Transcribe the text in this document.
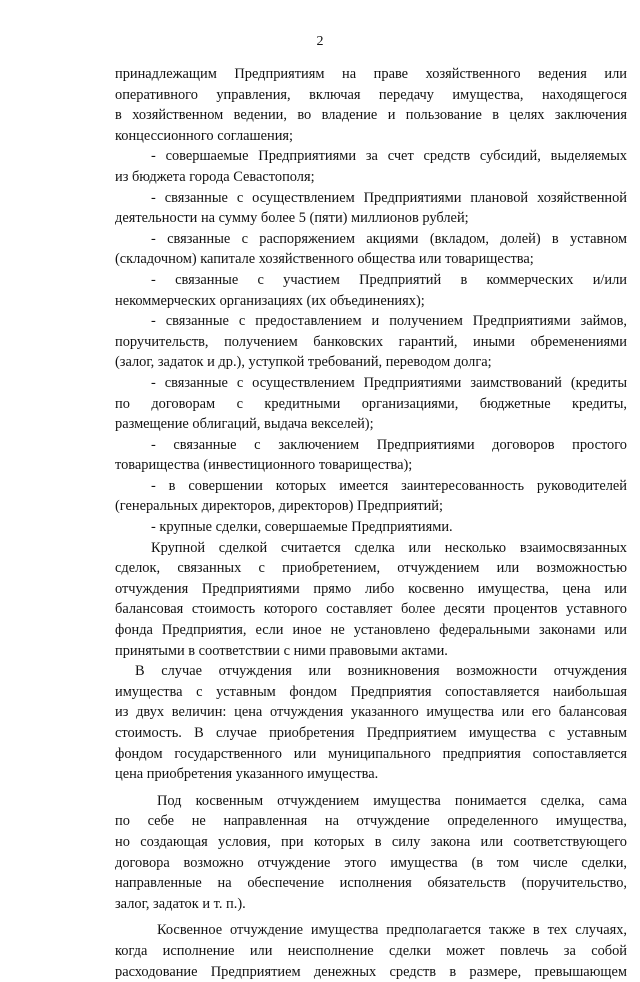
2
принадлежащим Предприятиям на праве хозяйственного ведения или
оперативного управления, включая передачу имущества, находящегося
в хозяйственном ведении, во владение и пользование в целях заключения
концессионного соглашения;
- совершаемые Предприятиями за счет средств субсидий, выделяемых
из бюджета города Севастополя;
- связанные с осуществлением Предприятиями плановой хозяйственной
деятельности на сумму более 5 (пяти) миллионов рублей;
- связанные с распоряжением акциями (вкладом, долей) в уставном
(складочном) капитале хозяйственного общества или товарищества;
- связанные с участием Предприятий в коммерческих и/или
некоммерческих организациях (их объединениях);
- связанные с предоставлением и получением Предприятиями займов,
поручительств, получением банковских гарантий, иными обременениями
(залог, задаток и др.), уступкой требований, переводом долга;
- связанные с осуществлением Предприятиями заимствований (кредиты
по договорам с кредитными организациями, бюджетные кредиты,
размещение облигаций, выдача векселей);
- связанные с заключением Предприятиями договоров простого
товарищества (инвестиционного товарищества);
- в совершении которых имеется заинтересованность руководителей
(генеральных директоров, директоров) Предприятий;
- крупные сделки, совершаемые Предприятиями.
Крупной сделкой считается сделка или несколько взаимосвязанных
сделок, связанных с приобретением, отчуждением или возможностью
отчуждения Предприятиями прямо либо косвенно имущества, цена или
балансовая стоимость которого составляет более десяти процентов уставного
фонда Предприятия, если иное не установлено федеральными законами или
принятыми в соответствии с ними правовыми актами.
В случае отчуждения или возникновения возможности отчуждения
имущества с уставным фондом Предприятия сопоставляется наибольшая
из двух величин: цена отчуждения указанного имущества или его балансовая
стоимость. В случае приобретения Предприятием имущества с уставным
фондом государственного или муниципального предприятия сопоставляется
цена приобретения указанного имущества.
Под косвенным отчуждением имущества понимается сделка, сама
по себе не направленная на отчуждение определенного имущества,
но создающая условия, при которых в силу закона или соответствующего
договора возможно отчуждение этого имущества (в том числе сделки,
направленные на обеспечение исполнения обязательств (поручительство,
залог, задаток и т. п.).
Косвенное отчуждение имущества предполагается также в тех случаях,
когда исполнение или неисполнение сделки может повлечь за собой
расходование Предприятием денежных средств в размере, превышающем
